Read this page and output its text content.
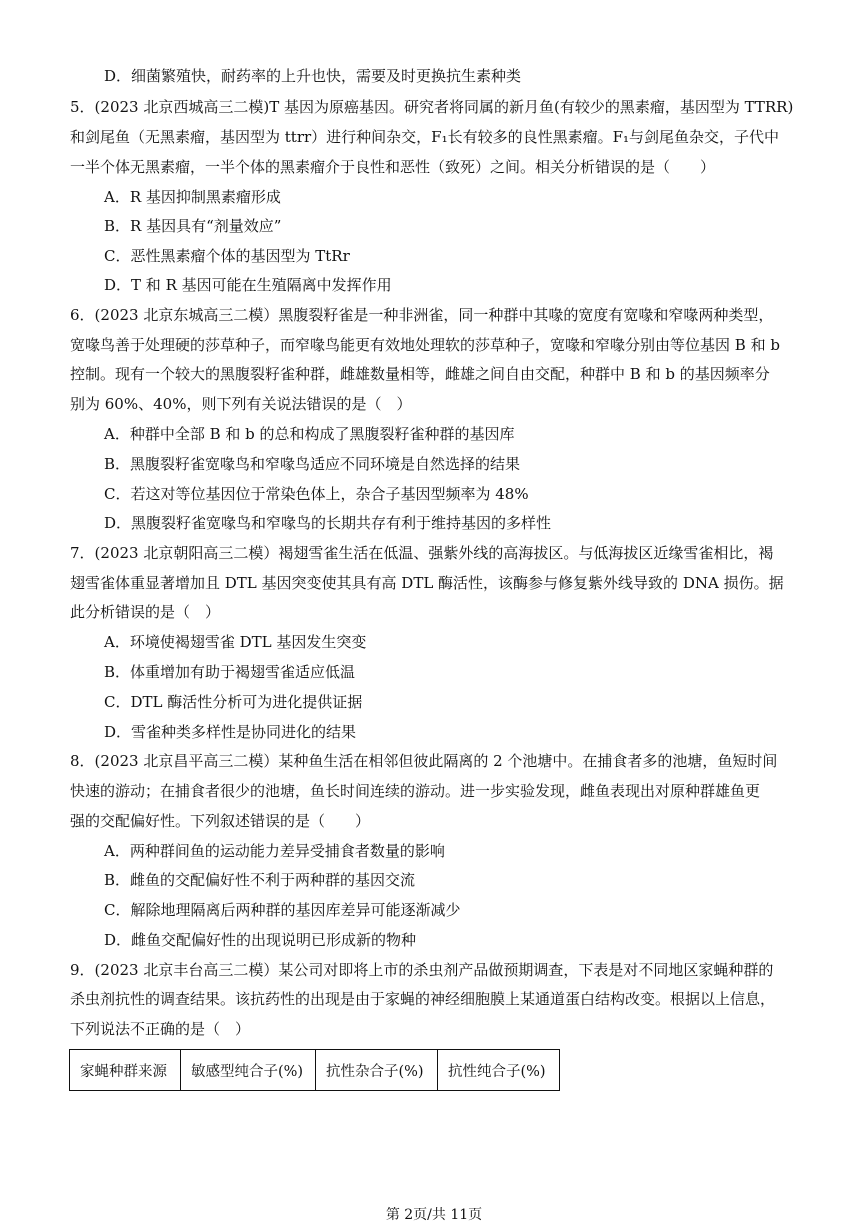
D．细菌繁殖快，耐药率的上升也快，需要及时更换抗生素种类
5．(2023 北京西城高三二模)T 基因为原癌基因。研究者将同属的新月鱼(有较少的黑素瘤，基因型为 TTRR)
和剑尾鱼（无黑素瘤，基因型为 ttrr）进行种间杂交，F₁长有较多的良性黑素瘤。F₁与剑尾鱼杂交，子代中
一半个体无黑素瘤，一半个体的黑素瘤介于良性和恶性（致死）之间。相关分析错误的是（　　）
A．R 基因抑制黑素瘤形成
B．R 基因具有“剂量效应”
C．恶性黑素瘤个体的基因型为 TtRr
D．T 和 R 基因可能在生殖隔离中发挥作用
6．(2023 北京东城高三二模）黑腹裂籽雀是一种非洲雀，同一种群中其喙的宽度有宽喙和窄喙两种类型，
宽喙鸟善于处理硬的莎草种子，而窄喙鸟能更有效地处理软的莎草种子，宽喙和窄喙分别由等位基因 B 和 b
控制。现有一个较大的黑腹裂籽雀种群，雌雄数量相等，雌雄之间自由交配，种群中 B 和 b 的基因频率分
别为 60%、40%，则下列有关说法错误的是（　）
A．种群中全部 B 和 b 的总和构成了黑腹裂籽雀种群的基因库
B．黑腹裂籽雀宽喙鸟和窄喙鸟适应不同环境是自然选择的结果
C．若这对等位基因位于常染色体上，杂合子基因型频率为 48%
D．黑腹裂籽雀宽喙鸟和窄喙鸟的长期共存有利于维持基因的多样性
7．(2023 北京朝阳高三二模）褐翅雪雀生活在低温、强紫外线的高海拔区。与低海拔区近缘雪雀相比，褐
翅雪雀体重显著增加且 DTL 基因突变使其具有高 DTL 酶活性，该酶参与修复紫外线导致的 DNA 损伤。据
此分析错误的是（　）
A．环境使褐翅雪雀 DTL 基因发生突变
B．体重增加有助于褐翅雪雀适应低温
C．DTL 酶活性分析可为进化提供证据
D．雪雀种类多样性是协同进化的结果
8．(2023 北京昌平高三二模）某种鱼生活在相邻但彼此隔离的 2 个池塘中。在捕食者多的池塘，鱼短时间
快速的游动；在捕食者很少的池塘，鱼长时间连续的游动。进一步实验发现，雌鱼表现出对原种群雄鱼更
强的交配偏好性。下列叙述错误的是（　　）
A．两种群间鱼的运动能力差异受捕食者数量的影响
B．雌鱼的交配偏好性不利于两种群的基因交流
C．解除地理隔离后两种群的基因库差异可能逐渐减少
D．雌鱼交配偏好性的出现说明已形成新的物种
9．(2023 北京丰台高三二模）某公司对即将上市的杀虫剂产品做预期调查，下表是对不同地区家蝇种群的
杀虫剂抗性的调查结果。该抗药性的出现是由于家蝇的神经细胞膜上某通道蛋白结构改变。根据以上信息，
下列说法不正确的是（　）
家蝇种群来源	敏感型纯合子(%)	抗性杂合子(%)	抗性纯合子(%)
第 2页/共 11页
